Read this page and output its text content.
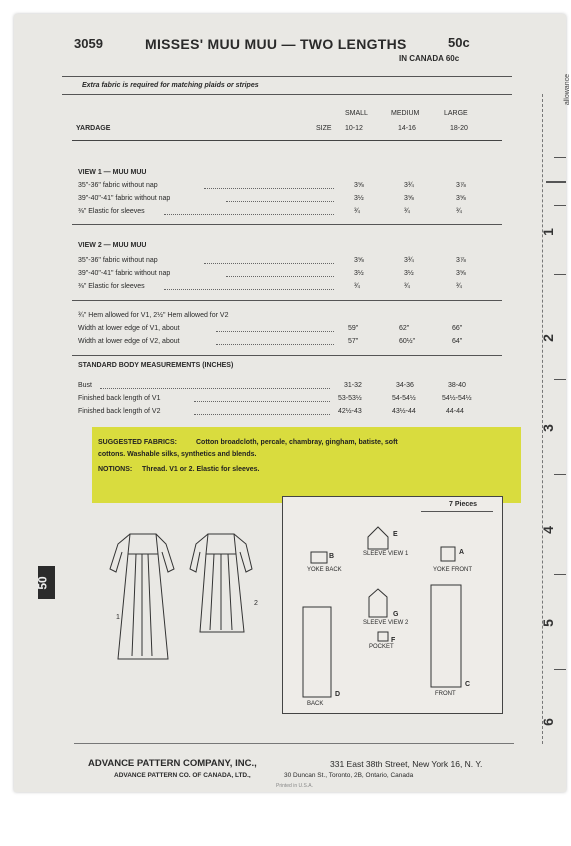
3059	MISSES' MUU MUU — TWO LENGTHS	50c
IN CANADA 60c
Extra fabric is required for matching plaids or stripes
SMALL	MEDIUM	LARGE
YARDAGE	SIZE 10-12	14-16	18-20
VIEW 1 — MUU MUU
35"-36" fabric without nap	3⅝	3¾	3⅞
39"-40"-41" fabric without nap	3½	3⅝	3⅝
⅜" Elastic for sleeves	¾	¾	¾
VIEW 2 — MUU MUU
35"-36" fabric without nap	3⅝	3¾	3⅞
39"-40"-41" fabric without nap	3½	3½	3⅝
⅜" Elastic for sleeves	¾	¾	¾
¾" Hem allowed for V1, 2½" Hem allowed for V2
Width at lower edge of V1, about	59"	62"	66"
Width at lower edge of V2, about	57"	60½"	64"
STANDARD BODY MEASUREMENTS (INCHES)
Bust	31-32	34-36	38-40
Finished back length of V1	53-53½	54-54½	54½-54½
Finished back length of V2	42½-43	43½-44	44-44
SUGGESTED FABRICS:	Cotton broadcloth, percale, chambray, gingham, batiste, soft
cottons. Washable silks, synthetics and blends.
NOTIONS: Thread. V1 or 2. Elastic for sleeves.
1
2
7 Pieces
B
YOKE BACK
E
SLEEVE VIEW 1	A
YOKE FRONT
G
SLEEVE VIEW 2
F
POCKET
D
BACK
C
FRONT
50
allowance
1
2
3
4
5
6
ADVANCE PATTERN COMPANY, INC.,	331 East 38th Street, New York 16, N. Y.
ADVANCE PATTERN CO. OF CANADA, LTD.,	30 Duncan St., Toronto, 2B, Ontario, Canada
Printed in U.S.A.
